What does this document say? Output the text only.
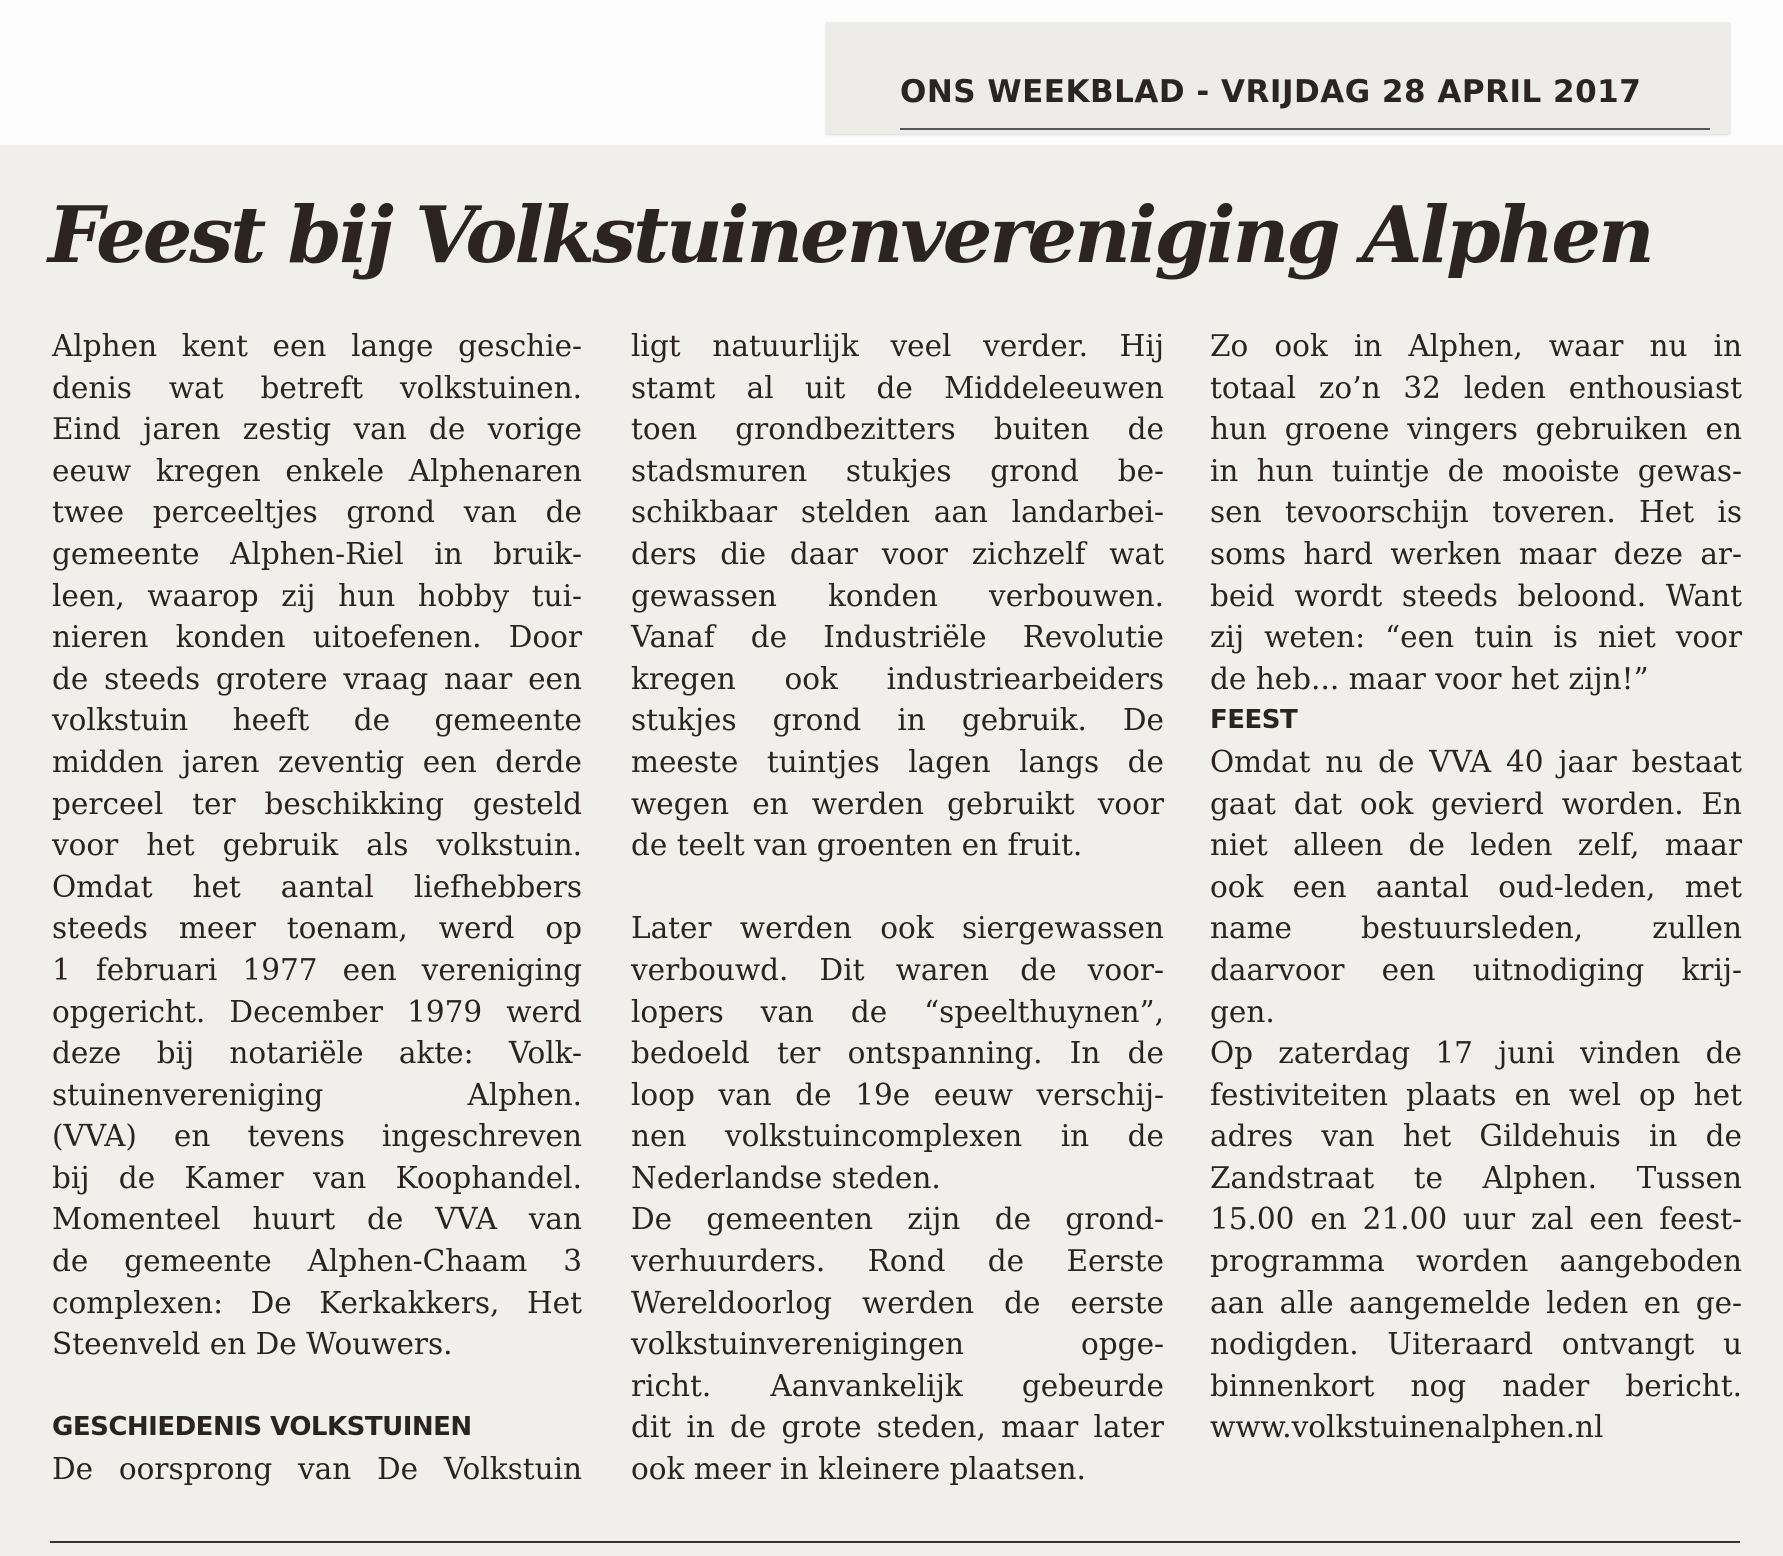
ONS WEEKBLAD - VRIJDAG 28 APRIL 2017
Feest bij Volkstuinenvereniging Alphen
Alphen kent een lange geschie-
denis wat betreft volkstuinen.
Eind jaren zestig van de vorige
eeuw kregen enkele Alphenaren
twee perceeltjes grond van de
gemeente Alphen-Riel in bruik-
leen, waarop zij hun hobby tui-
nieren konden uitoefenen. Door
de steeds grotere vraag naar een
volkstuin heeft de gemeente
midden jaren zeventig een derde
perceel ter beschikking gesteld
voor het gebruik als volkstuin.
Omdat het aantal liefhebbers
steeds meer toenam, werd op
1 februari 1977 een vereniging
opgericht. December 1979 werd
deze bij notariële akte: Volk-
stuinenvereniging Alphen.
(VVA) en tevens ingeschreven
bij de Kamer van Koophandel.
Momenteel huurt de VVA van
de gemeente Alphen-Chaam 3
complexen: De Kerkakkers, Het
Steenveld en De Wouwers.
GESCHIEDENIS VOLKSTUINEN
De oorsprong van De Volkstuin
ligt natuurlijk veel verder. Hij
stamt al uit de Middeleeuwen
toen grondbezitters buiten de
stadsmuren stukjes grond be-
schikbaar stelden aan landarbei-
ders die daar voor zichzelf wat
gewassen konden verbouwen.
Vanaf de Industriële Revolutie
kregen ook industriearbeiders
stukjes grond in gebruik. De
meeste tuintjes lagen langs de
wegen en werden gebruikt voor
de teelt van groenten en fruit.
Later werden ook siergewassen
verbouwd. Dit waren de voor-
lopers van de “speelthuynen”,
bedoeld ter ontspanning. In de
loop van de 19e eeuw verschij-
nen volkstuincomplexen in de
Nederlandse steden.
De gemeenten zijn de grond-
verhuurders. Rond de Eerste
Wereldoorlog werden de eerste
volkstuinverenigingen opge-
richt. Aanvankelijk gebeurde
dit in de grote steden, maar later
ook meer in kleinere plaatsen.
Zo ook in Alphen, waar nu in
totaal zo’n 32 leden enthousiast
hun groene vingers gebruiken en
in hun tuintje de mooiste gewas-
sen tevoorschijn toveren. Het is
soms hard werken maar deze ar-
beid wordt steeds beloond. Want
zij weten: “een tuin is niet voor
de heb... maar voor het zijn!”
FEEST
Omdat nu de VVA 40 jaar bestaat
gaat dat ook gevierd worden. En
niet alleen de leden zelf, maar
ook een aantal oud-leden, met
name bestuursleden, zullen
daarvoor een uitnodiging krij-
gen.
Op zaterdag 17 juni vinden de
festiviteiten plaats en wel op het
adres van het Gildehuis in de
Zandstraat te Alphen. Tussen
15.00 en 21.00 uur zal een feest-
programma worden aangeboden
aan alle aangemelde leden en ge-
nodigden. Uiteraard ontvangt u
binnenkort nog nader bericht.
www.volkstuinenalphen.nl
